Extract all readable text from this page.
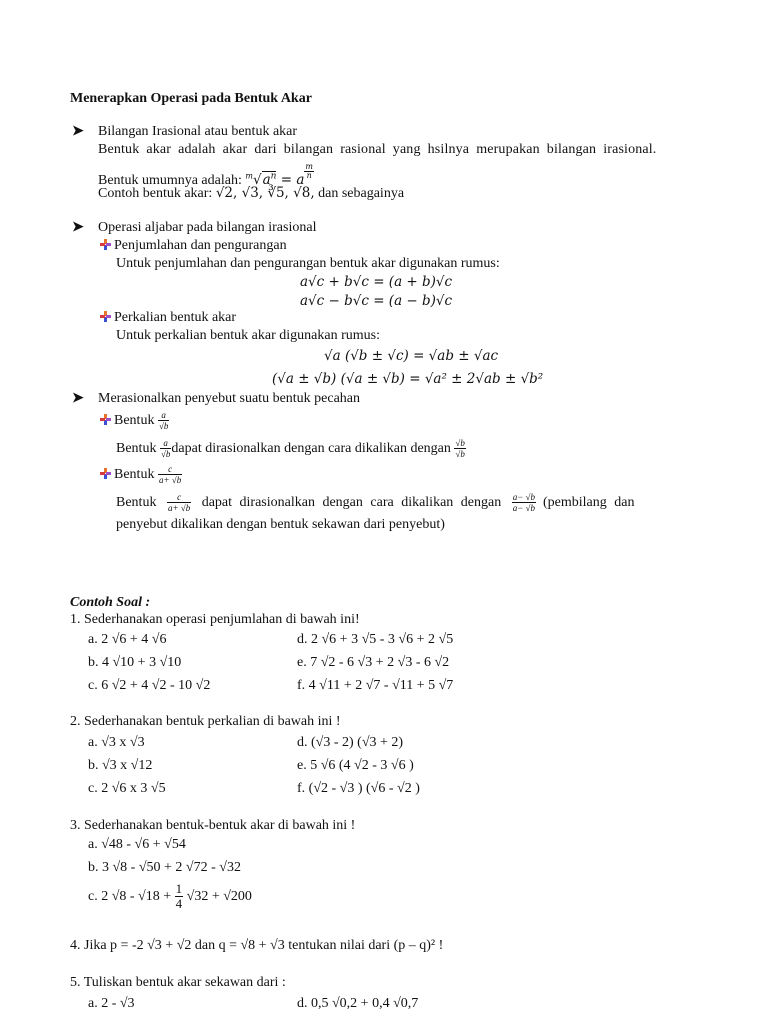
Menerapkan Operasi pada Bentuk Akar
➤ Bilangan Irasional atau bentuk akar
Bentuk akar adalah akar dari bilangan rasional yang hsilnya merupakan bilangan irasional.
Bentuk umumnya adalah: $^m√a^n = a \frac{m}{n}$
Contoh bentuk akar: √2, √3, ∛5, √8, dan sebagainya
➤ Operasi aljabar pada bilangan irasional
Penjumlahan dan pengurangan
Untuk penjumlahan dan pengurangan bentuk akar digunakan rumus:
a√c + b√c = (a + b)√c
a√c − b√c = (a − b)√c
Perkalian bentuk akar
Untuk perkalian bentuk akar digunakan rumus:
√a (√b ± √c) = √ab ± √ac
(√a ± √b) (√a ± √b) = √a² ± 2√ab ± √b²
➤ Merasionalkan penyebut suatu bentuk pecahan
Bentuk $\frac{a}{√b}$
Bentuk $\frac{a}{√b}$ dapat dirasionalkan dengan cara dikalikan dengan $\frac{√b}{√b}$
Bentuk $\frac{c}{a+ √b}$
Bentuk $\frac{c}{a+ √b}$ dapat dirasionalkan dengan cara dikalikan dengan $\frac{a- √b}{a- √b}$ (pembilang dan
penyebut dikalikan dengan bentuk sekawan dari penyebut)
Contoh Soal :
1. Sederhanakan operasi penjumlahan di bawah ini!
a. 2 √6 + 4 √6
b. 4 √10 + 3 √10
c. 6 √2 + 4 √2 - 10 √2
d. 2 √6 + 3 √5 - 3 √6 + 2 √5
e. 7 √2 - 6 √3 + 2 √3 - 6 √2
f. 4 √11 + 2 √7 - √11 + 5 √7
2. Sederhanakan bentuk perkalian di bawah ini !
a. √3 x √3
b. √3 x √12
c. 2 √6 x 3 √5
d. (√3 - 2) (√3 + 2)
e. 5 √6 (4 √2 - 3 √6 )
f. (√2 - √3 ) (√6 - √2 )
3. Sederhanakan bentuk-bentuk akar di bawah ini !
a. √48 - √6 + √54
b. 3 √8 - √50 + 2 √72 - √32
c. 2 $√8 - √18 + \frac{1}{4} √32 + √200$
4. Jika p = -2 √3 + √2 dan q = √8 + √3 tentukan nilai dari (p – q)² !
5. Tuliskan bentuk akar sekawan dari :
a. 2 - √3	d. 0,5 √0,2 + 0,4 √0,7
